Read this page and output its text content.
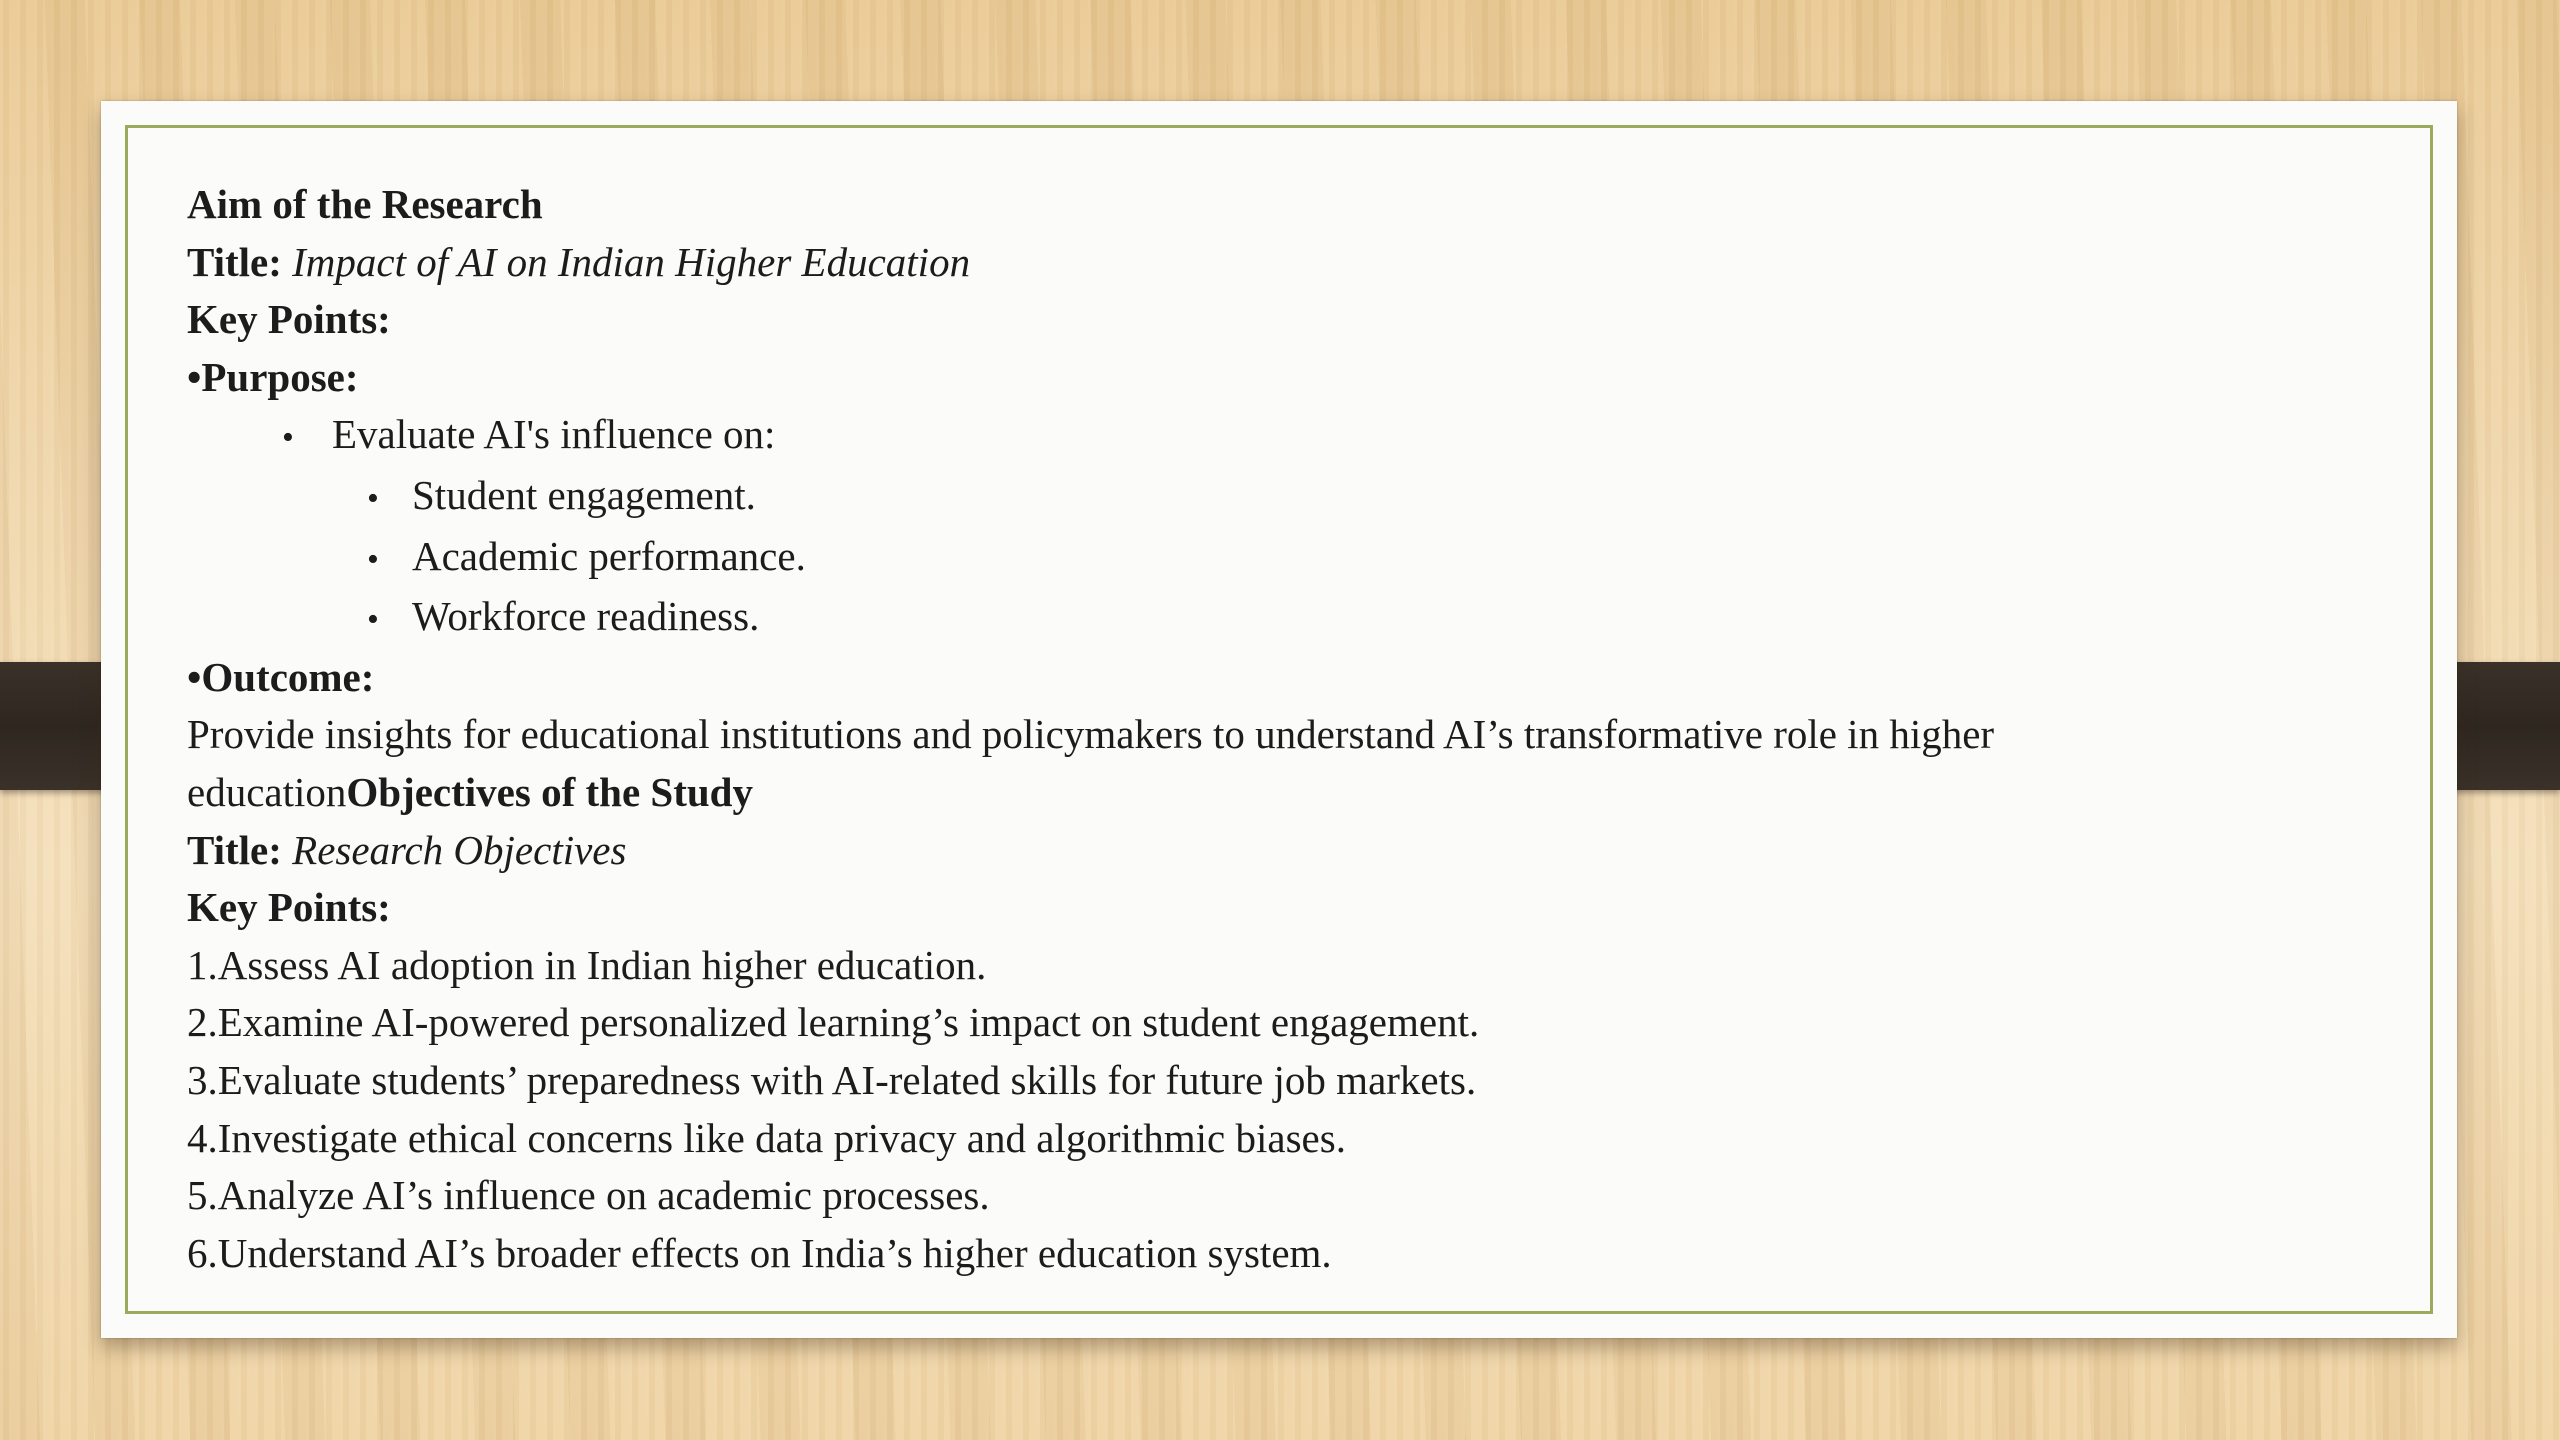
Aim of the Research
Title: Impact of AI on Indian Higher Education
Key Points:
•Purpose:
• Evaluate AI's influence on:
• Student engagement.
• Academic performance.
• Workforce readiness.
•Outcome:
Provide insights for educational institutions and policymakers to understand AI’s transformative role in higher
educationObjectives of the Study
Title: Research Objectives
Key Points:
1.Assess AI adoption in Indian higher education.
2.Examine AI-powered personalized learning’s impact on student engagement.
3.Evaluate students’ preparedness with AI-related skills for future job markets.
4.Investigate ethical concerns like data privacy and algorithmic biases.
5.Analyze AI’s influence on academic processes.
6.Understand AI’s broader effects on India’s higher education system.
